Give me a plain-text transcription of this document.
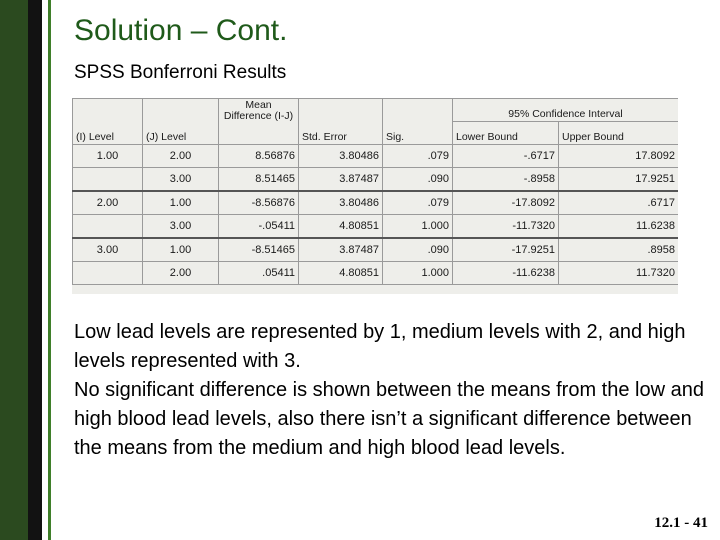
Solution – Cont.
SPSS Bonferroni Results
(I) Level	(J) Level	Mean Difference (I-J)	Std. Error	Sig.	95% Confidence Interval	
					Lower Bound	Upper Bound
1.00	2.00	8.56876	3.80486	.079	-.6717	17.8092
	3.00	8.51465	3.87487	.090	-.8958	17.9251
2.00	1.00	-8.56876	3.80486	.079	-17.8092	.6717
	3.00	-.05411	4.80851	1.000	-11.7320	11.6238
3.00	1.00	-8.51465	3.87487	.090	-17.9251	.8958
	2.00	.05411	4.80851	1.000	-11.6238	11.7320

Low lead levels are represented by 1, medium levels with 2, and high levels represented with 3.

No significant difference is shown between the means from the low and high blood lead levels, also there isn’t a significant difference between the means from the medium and high blood lead levels.

12.1 - 41
